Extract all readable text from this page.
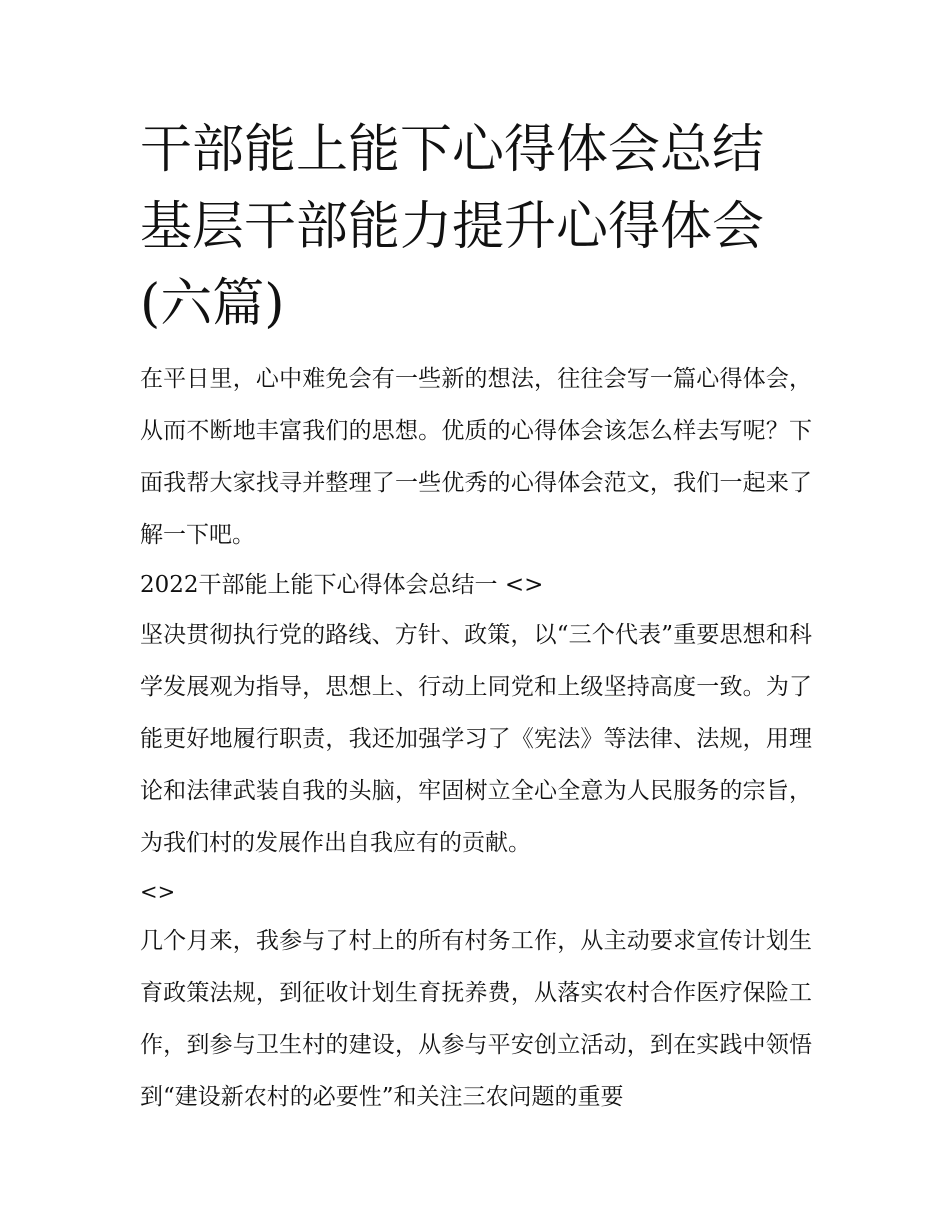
干部能上能下心得体会总结 基层干部能力提升心得体会(六篇)

在平日里，心中难免会有一些新的想法，往往会写一篇心得体会，从而不断地丰富我们的思想。优质的心得体会该怎么样去写呢？下面我帮大家找寻并整理了一些优秀的心得体会范文，我们一起来了解一下吧。

2022干部能上能下心得体会总结一 <>

坚决贯彻执行党的路线、方针、政策，以“三个代表”重要思想和科学发展观为指导，思想上、行动上同党和上级坚持高度一致。为了能更好地履行职责，我还加强学习了《宪法》等法律、法规，用理论和法律武装自我的头脑，牢固树立全心全意为人民服务的宗旨，为我们村的发展作出自我应有的贡献。

<>

几个月来，我参与了村上的所有村务工作，从主动要求宣传计划生育政策法规，到征收计划生育抚养费，从落实农村合作医疗保险工作，到参与卫生村的建设，从参与平安创立活动，到在实践中领悟到“建设新农村的必要性”和关注三农问题的重要
